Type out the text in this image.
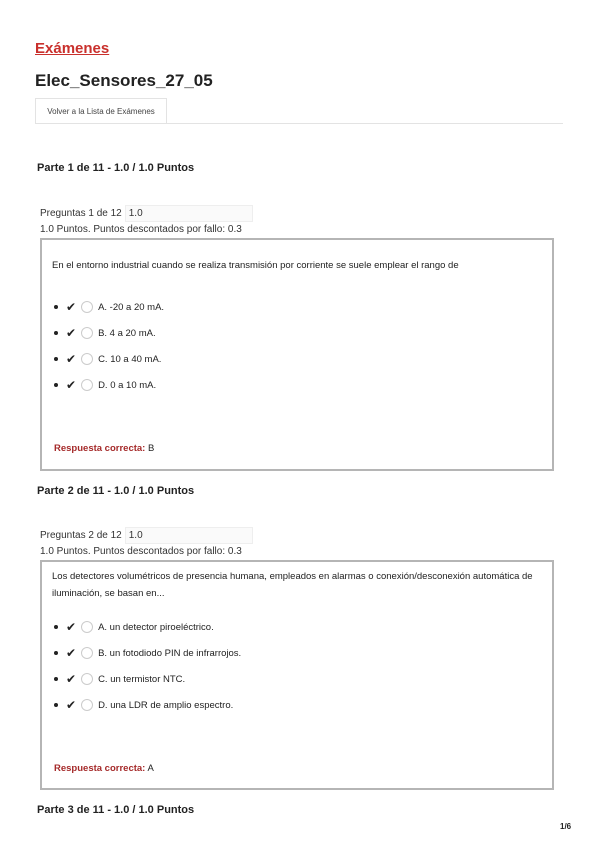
Exámenes
Elec_Sensores_27_05
Volver a la Lista de Exámenes
Parte 1 de 11 - 1.0 / 1.0 Puntos
Preguntas 1 de 12 1.0
1.0 Puntos. Puntos descontados por fallo: 0.3
En el entorno industrial cuando se realiza transmisión por corriente se suele emplear el rango de
✔ A. -20 a 20 mA.
✔ B. 4 a 20 mA.
✔ C. 10 a 40 mA.
✔ D. 0 a 10 mA.
Respuesta correcta: B
Parte 2 de 11 - 1.0 / 1.0 Puntos
Preguntas 2 de 12 1.0
1.0 Puntos. Puntos descontados por fallo: 0.3
Los detectores volumétricos de presencia humana, empleados en alarmas o conexión/desconexión automática de iluminación, se basan en...
✔ A. un detector piroeléctrico.
✔ B. un fotodiodo PIN de infrarrojos.
✔ C. un termistor NTC.
✔ D. una LDR de amplio espectro.
Respuesta correcta: A
Parte 3 de 11 - 1.0 / 1.0 Puntos
1/6
